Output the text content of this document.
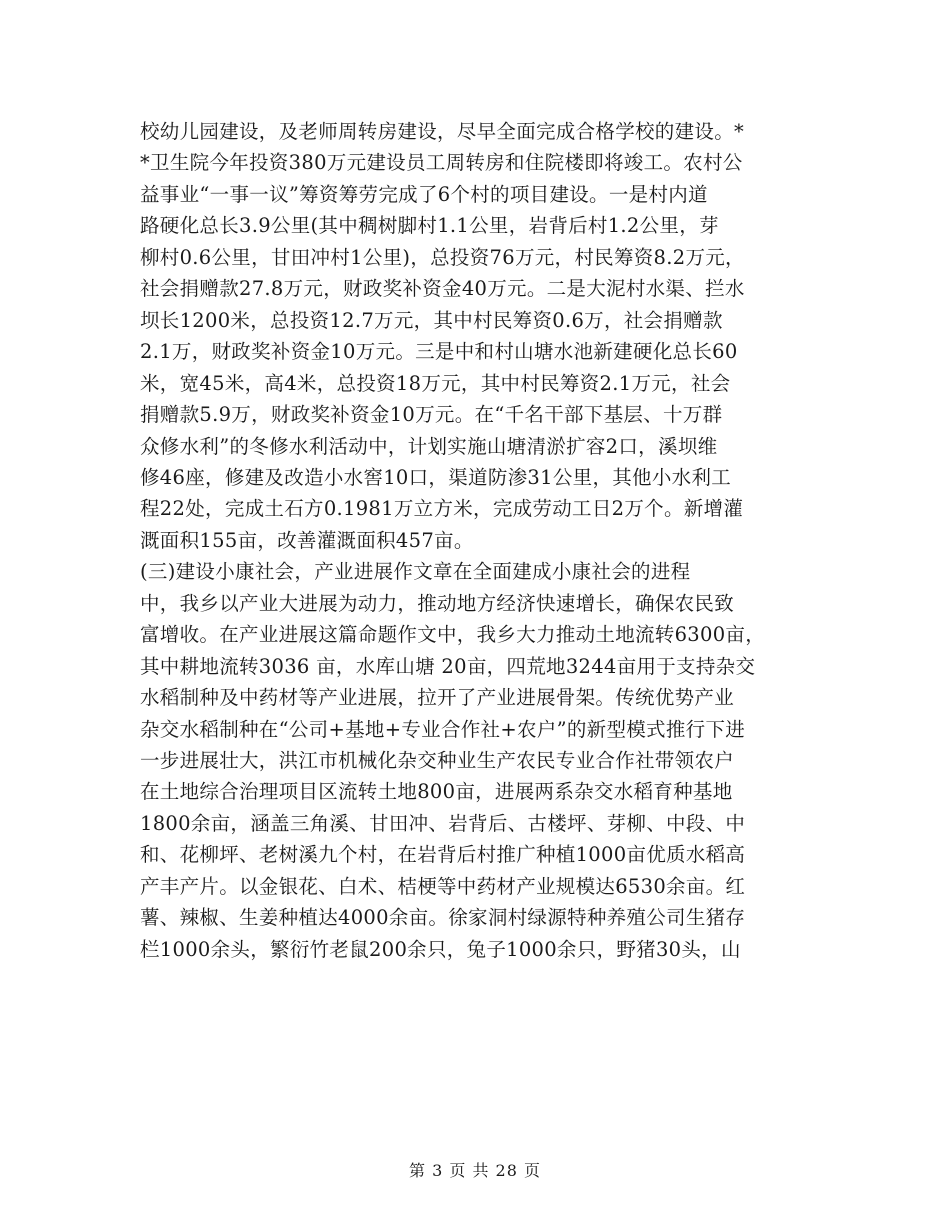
校幼儿园建设，及老师周转房建设，尽早全面完成合格学校的建设。*
*卫生院今年投资380万元建设员工周转房和住院楼即将竣工。农村公
益事业“一事一议”筹资筹劳完成了6个村的项目建设。一是村内道
路硬化总长3.9公里(其中稠树脚村1.1公里，岩背后村1.2公里，芽
柳村0.6公里，甘田冲村1公里)，总投资76万元，村民筹资8.2万元，
社会捐赠款27.8万元，财政奖补资金40万元。二是大泥村水渠、拦水
坝长1200米，总投资12.7万元，其中村民筹资0.6万，社会捐赠款
2.1万，财政奖补资金10万元。三是中和村山塘水池新建硬化总长60
米，宽45米，高4米，总投资18万元，其中村民筹资2.1万元，社会
捐赠款5.9万，财政奖补资金10万元。在“千名干部下基层、十万群
众修水利”的冬修水利活动中，计划实施山塘清淤扩容2口，溪坝维
修46座，修建及改造小水窖10口，渠道防渗31公里，其他小水利工
程22处，完成土石方0.1981万立方米，完成劳动工日2万个。新增灌
溉面积155亩，改善灌溉面积457亩。
(三)建设小康社会，产业进展作文章在全面建成小康社会的进程
中，我乡以产业大进展为动力，推动地方经济快速增长，确保农民致
富增收。在产业进展这篇命题作文中，我乡大力推动土地流转6300亩，
其中耕地流转3036 亩，水库山塘 20亩，四荒地3244亩用于支持杂交
水稻制种及中药材等产业进展，拉开了产业进展骨架。传统优势产业
杂交水稻制种在“公司+基地+专业合作社+农户”的新型模式推行下进
一步进展壮大，洪江市机械化杂交种业生产农民专业合作社带领农户
在土地综合治理项目区流转土地800亩，进展两系杂交水稻育种基地
1800余亩，涵盖三角溪、甘田冲、岩背后、古楼坪、芽柳、中段、中
和、花柳坪、老树溪九个村，在岩背后村推广种植1000亩优质水稻高
产丰产片。以金银花、白术、桔梗等中药材产业规模达6530余亩。红
薯、辣椒、生姜种植达4000余亩。徐家洞村绿源特种养殖公司生猪存
栏1000余头，繁衍竹老鼠200余只，兔子1000余只，野猪30头，山
第 3 页 共 28 页
